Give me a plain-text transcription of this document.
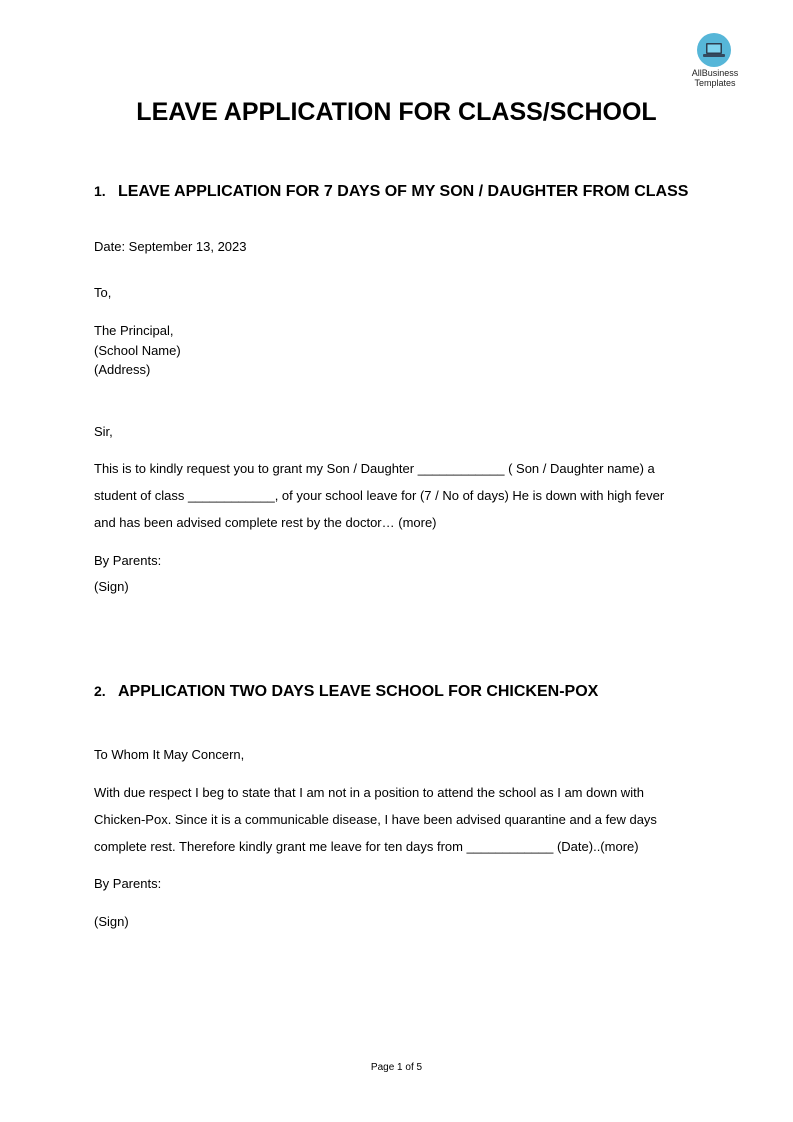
AllBusiness Templates
LEAVE APPLICATION FOR CLASS/SCHOOL
1. LEAVE APPLICATION FOR 7 DAYS OF MY SON / DAUGHTER FROM CLASS
Date: September 13, 2023
To,
The Principal,
(School Name)
(Address)
Sir,
This is to kindly request you to grant my Son / Daughter ____________ ( Son / Daughter name) a
student of class ____________, of your school leave for (7 / No of days) He is down with high fever
and has been advised complete rest by the doctor… (more)
By Parents:
(Sign)
2. APPLICATION TWO DAYS LEAVE SCHOOL FOR CHICKEN-POX
To Whom It May Concern,
With due respect I beg to state that I am not in a position to attend the school as I am down with
Chicken-Pox. Since it is a communicable disease, I have been advised quarantine and a few days
complete rest. Therefore kindly grant me leave for ten days from ____________ (Date)..(more)
By Parents:
(Sign)
Page 1 of 5
